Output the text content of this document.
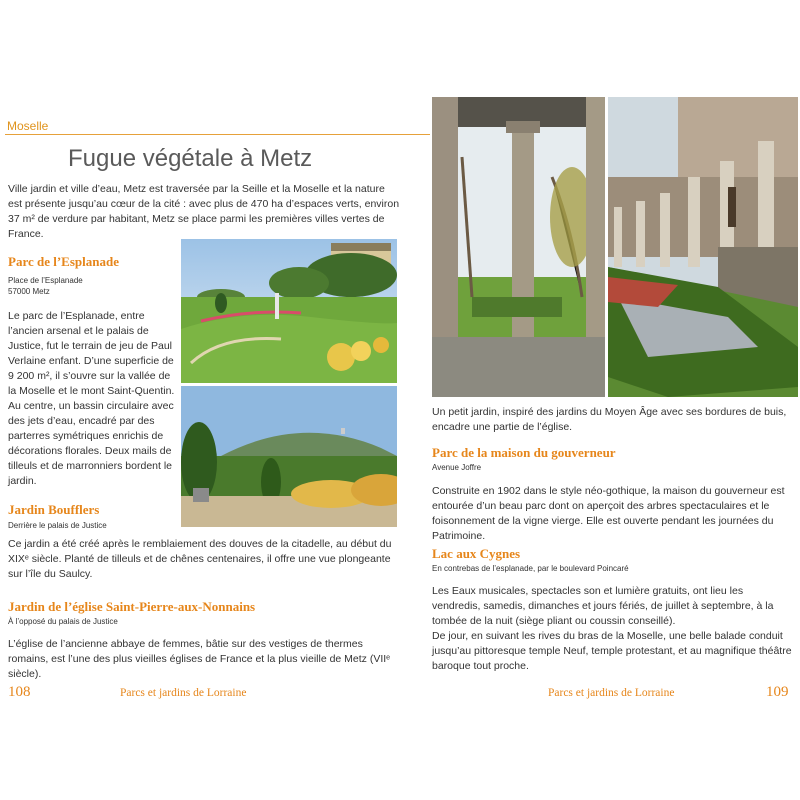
Moselle
Fugue végétale à Metz

Ville jardin et ville d’eau, Metz est traversée par la Seille et la Moselle et la nature est présente jusqu’au cœur de la cité : avec plus de 470 ha d’espaces verts, environ 37 m² de verdure par habitant, Metz se place parmi les premières villes vertes de France.

Parc de l’Esplanade

Place de l’Esplanade

57000 Metz

Le parc de l’Esplanade, entre l’ancien arsenal et le palais de Justice, fut le terrain de jeu de Paul Verlaine enfant. D’une superficie de 9 200 m², il s’ouvre sur la vallée de la Moselle et le mont Saint-Quentin. Au centre, un bassin circulaire avec des jets d’eau, encadré par des parterres symétriques enrichis de décorations florales. Deux mails de tilleuls et de marronniers bordent le jardin.

Jardin Boufflers

Derrière le palais de Justice

Ce jardin a été créé après le remblaiement des douves de la citadelle, au début du XIXᵉ siècle. Planté de tilleuls et de chênes centenaires, il offre une vue plongeante sur l’île du Saulcy.

Jardin de l’église Saint-Pierre-aux-Nonnains

À l’opposé du palais de Justice

L’église de l’ancienne abbaye de femmes, bâtie sur des vestiges de thermes romains, est l’une des plus vieilles églises de France et la plus vieille de Metz (VIIᵉ siècle).

108	Parcs et jardins de Lorraine

Un petit jardin, inspiré des jardins du Moyen Âge avec ses bordures de buis, encadre une partie de l’église.

Parc de la maison du gouverneur

Avenue Joffre

Construite en 1902 dans le style néo-gothique, la maison du gouverneur est entourée d’un beau parc dont on aperçoit des arbres spectaculaires et le foisonnement de la vigne vierge. Elle est ouverte pendant les journées du Patrimoine.

Lac aux Cygnes

En contrebas de l’esplanade, par le boulevard Poincaré

Les Eaux musicales, spectacles son et lumière gratuits, ont lieu les vendredis, samedis, dimanches et jours fériés, de juillet à septembre, à la tombée de la nuit (siège pliant ou coussin conseillé).

De jour, en suivant les rives du bras de la Moselle, une belle balade conduit jusqu’au pittoresque temple Neuf, temple protestant, et au magnifique théâtre baroque tout proche.

Parcs et jardins de Lorraine	109
